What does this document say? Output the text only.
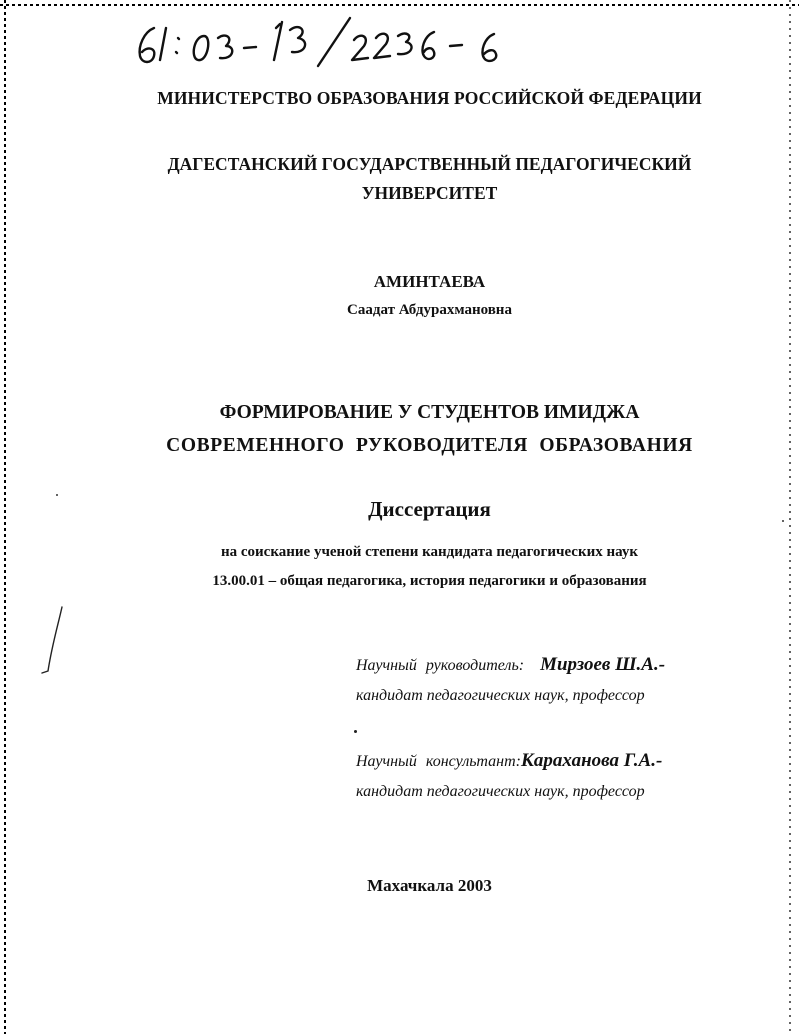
МИНИСТЕРСТВО ОБРАЗОВАНИЯ РОССИЙСКОЙ ФЕДЕРАЦИИ
ДАГЕСТАНСКИЙ ГОСУДАРСТВЕННЫЙ ПЕДАГОГИЧЕСКИЙ
УНИВЕРСИТЕТ
АМИНТАЕВА
Саадат Абдурахмановна
ФОРМИРОВАНИЕ У СТУДЕНТОВ ИМИДЖА
СОВРЕМЕННОГО РУКОВОДИТЕЛЯ ОБРАЗОВАНИЯ
Диссертация
на соискание ученой степени кандидата педагогических наук
13.00.01 – общая педагогика, история педагогики и образования
Научный руководитель: Мирзоев Ш.А.-
кандидат педагогических наук, профессор
Научный консультант:Караханова Г.А.-
кандидат педагогических наук, профессор
Махачкала 2003
